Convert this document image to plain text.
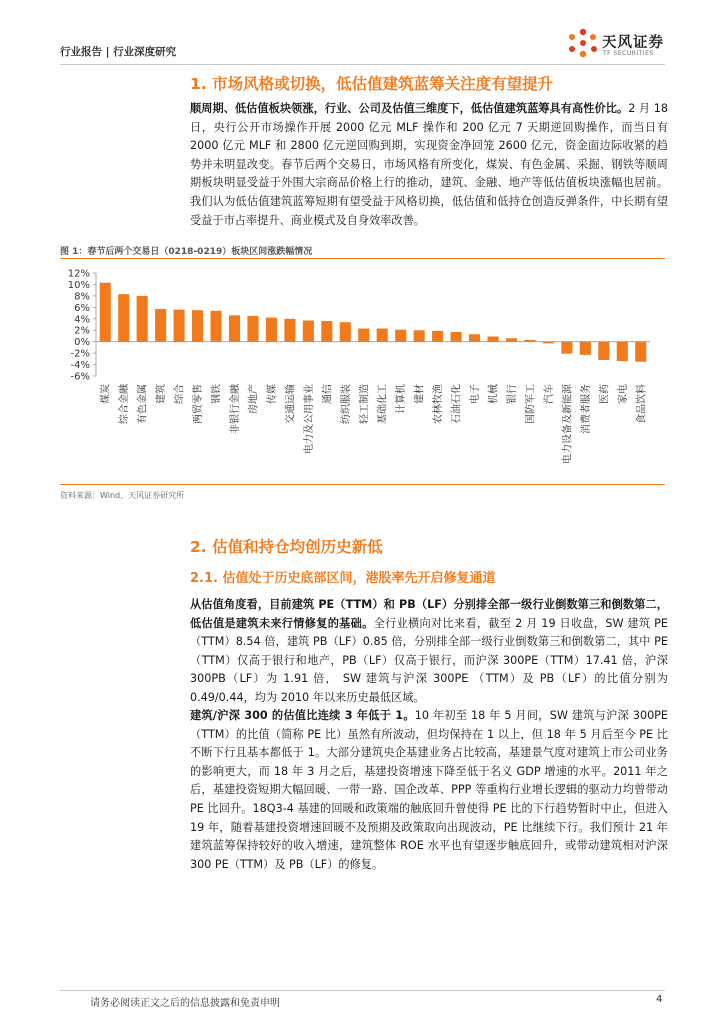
行业报告 | 行业深度研究
天风证券
TF SECURITIES
1. 市场风格或切换，低估值建筑蓝筹关注度有望提升
顺周期、低估值板块领涨，行业、公司及估值三维度下，低估值建筑蓝筹具有高性价比。2 月 18 日，央行公开市场操作开展 2000 亿元 MLF 操作和 200 亿元 7 天期逆回购操作，而当日有 2000 亿元 MLF 和 2800 亿元逆回购到期，实现资金净回笼 2600 亿元，资金面边际收紧的趋势并未明显改变。春节后两个交易日，市场风格有所变化，煤炭、有色金属、采掘、钢铁等顺周期板块明显受益于外围大宗商品价格上行的推动，建筑、金融、地产等低估值板块涨幅也居前。我们认为低估值建筑蓝筹短期有望受益于风格切换，低估值和低持仓创造反弹条件，中长期有望受益于市占率提升、商业模式及自身效率改善。
图 1：春节后两个交易日（0218-0219）板块区间涨跌幅情况
12%
10%
8%
6%
4%
2%
0%
-2%
-4%
-6%
煤炭 综合金融 有色金属 建筑 综合 两贸零售 钢铁 非银行金融 房地产 传媒 交通运输 电力及公用事业 通信 纺织服装 轻工制造 基础化工 计算机 建材 农林牧渔 石油石化 电子 机械 银行 国防军工 汽车 电力设备及新能源 消费者服务 医药 家电 食品饮料
资料来源：Wind、天风证券研究所
2. 估值和持仓均创历史新低
2.1. 估值处于历史底部区间，港股率先开启修复通道
从估值角度看，目前建筑 PE（TTM）和 PB（LF）分别排全部一级行业倒数第三和倒数第二，低估值是建筑未来行情修复的基础。全行业横向对比来看，截至 2 月 19 日收盘，SW 建筑 PE（TTM）8.54 倍，建筑 PB（LF）0.85 倍，分别排全部一级行业倒数第三和倒数第二，其中 PE（TTM）仅高于银行和地产，PB（LF）仅高于银行，而沪深 300PE（TTM）17.41 倍，沪深 300PB（LF）为 1.91 倍， SW 建筑与沪深 300PE （TTM）及 PB（LF）的比值分别为 0.49/0.44，均为 2010 年以来历史最低区域。
建筑/沪深 300 的估值比连续 3 年低于 1。10 年初至 18 年 5 月间，SW 建筑与沪深 300PE（TTM）的比值（简称 PE 比）虽然有所波动，但均保持在 1 以上，但 18 年 5 月后至今 PE 比不断下行且基本都低于 1。大部分建筑央企基建业务占比较高，基建景气度对建筑上市公司业务的影响更大，而 18 年 3 月之后，基建投资增速下降至低于名义 GDP 增速的水平。2011 年之后，基建投资短期大幅回暖、一带一路、国企改革、PPP 等重构行业增长逻辑的驱动力均曾带动 PE 比回升。18Q3-4 基建的回暖和政策端的触底回升曾使得 PE 比的下行趋势暂时中止，但进入 19 年，随着基建投资增速回暖不及预期及政策取向出现波动，PE 比继续下行。我们预计 21 年建筑蓝筹保持较好的收入增速，建筑整体 ROE 水平也有望逐步触底回升，或带动建筑相对沪深 300 PE（TTM）及 PB（LF）的修复。
请务必阅读正文之后的信息披露和免责申明	4
